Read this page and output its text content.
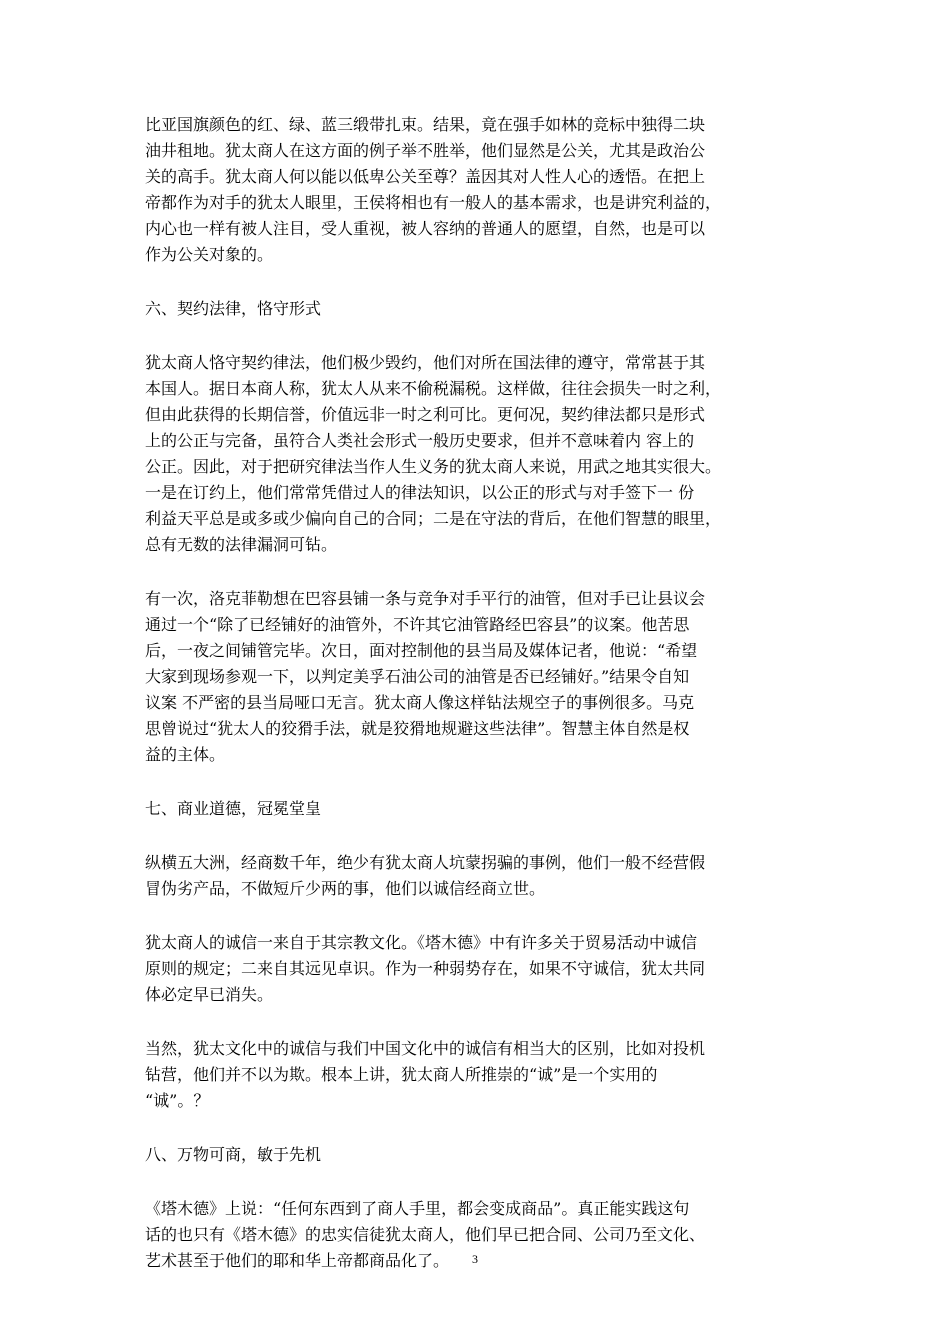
比亚国旗颜色的红、绿、蓝三缎带扎束。结果，竟在强手如林的竞标中独得二块

油井租地。犹太商人在这方面的例子举不胜举，他们显然是公关，尤其是政治公

关的高手。犹太商人何以能以低卑公关至尊？盖因其对人性人心的透悟。在把上

帝都作为对手的犹太人眼里，王侯将相也有一般人的基本需求，也是讲究利益的，

内心也一样有被人注目，受人重视，被人容纳的普通人的愿望，自然，也是可以

作为公关对象的。

六、契约法律，恪守形式

犹太商人恪守契约律法，他们极少毁约，他们对所在国法律的遵守，常常甚于其

本国人。据日本商人称，犹太人从来不偷税漏税。这样做，往往会损失一时之利，

但由此获得的长期信誉，价值远非一时之利可比。更何况，契约律法都只是形式

上的公正与完备，虽符合人类社会形式一般历史要求，但并不意味着内 容上的

公正。因此，对于把研究律法当作人生义务的犹太商人来说，用武之地其实很大。

一是在订约上，他们常常凭借过人的律法知识，以公正的形式与对手签下一 份

利益天平总是或多或少偏向自己的合同；二是在守法的背后，在他们智慧的眼里，

总有无数的法律漏洞可钻。

有一次，洛克菲勒想在巴容县铺一条与竞争对手平行的油管，但对手已让县议会

通过一个“除了已经铺好的油管外，不许其它油管路经巴容县”的议案。他苦思

后，一夜之间铺管完毕。次日，面对控制他的县当局及媒体记者，他说：“希望

大家到现场参观一下，以判定美孚石油公司的油管是否已经铺好。”结果令自知

议案 不严密的县当局哑口无言。犹太商人像这样钻法规空子的事例很多。马克

思曾说过“犹太人的狡猾手法，就是狡猾地规避这些法律”。智慧主体自然是权

益的主体。

七、商业道德，冠冕堂皇

纵横五大洲，经商数千年，绝少有犹太商人坑蒙拐骗的事例，他们一般不经营假

冒伪劣产品，不做短斤少两的事，他们以诚信经商立世。

犹太商人的诚信一来自于其宗教文化。《塔木德》中有许多关于贸易活动中诚信

原则的规定；二来自其远见卓识。作为一种弱势存在，如果不守诚信，犹太共同

体必定早已消失。

当然，犹太文化中的诚信与我们中国文化中的诚信有相当大的区别，比如对投机

钻营，他们并不以为欺。根本上讲，犹太商人所推崇的“诚”是一个实用的

“诚”。？

八、万物可商，敏于先机

《塔木德》上说：“任何东西到了商人手里，都会变成商品”。真正能实践这句

话的也只有《塔木德》的忠实信徒犹太商人，他们早已把合同、公司乃至文化、

艺术甚至于他们的耶和华上帝都商品化了。	3
